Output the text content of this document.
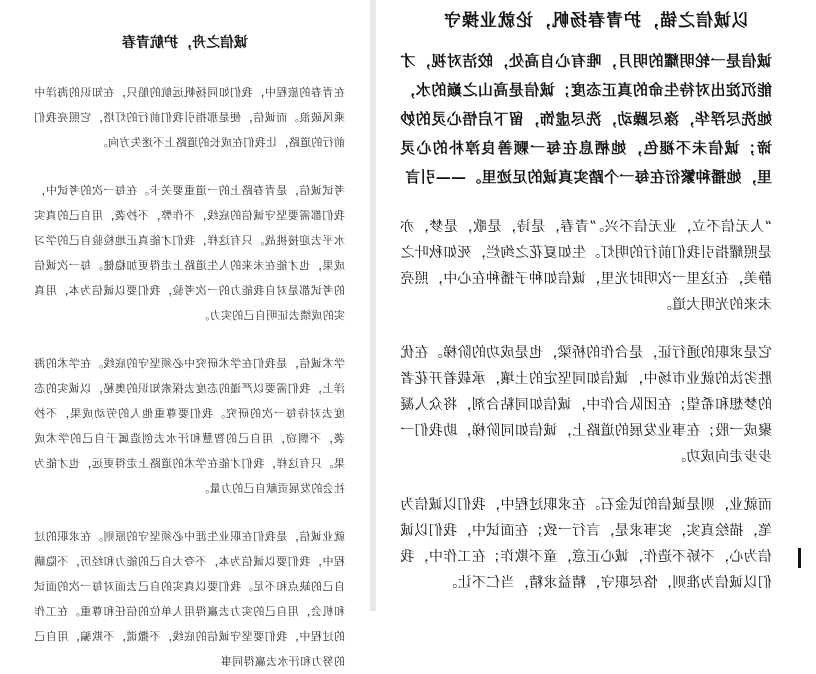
以诚信之锚，护青春扬帆，论就业操守

诚信是一轮明耀的明月，唯有心自高处，皎洁对视，才能沉淀出对待生命的真正态度；诚信是高山之巅的水，她洗尽浮华，涤尽躁动，洗尽虚饰，留下启悟心灵的妙谛；诚信未不褪色，她栖息在每一颗善良淳朴的心灵里，她播种繁衍在每一个踏实真诚的足迹里。——引言

“人无信不立，业无信不兴。”青春，是诗，是歌，是梦，亦是照耀指引我们前行的明灯。生如夏花之绚烂，死如秋叶之静美，在这里一次明时光里，诚信如种子播种在心中，照亮未来的光明大道。

它是求职的通行证，是合作的桥梁，也是成功的阶梯。在优胜劣汰的就业市场中，诚信如同坚定的土壤，承载着开花者的梦想和希望；在团队合作中，诚信如同粘合剂，将众人凝聚成一股；在事业发展的道路上，诚信如同阶梯，助我们一步步走向成功。

而就业，则是诚信的试金石。在求职过程中，我们以诚信为笔，描绘真实，实事求是，言行一致；在面试中，我们以诚信为心，不矫不造作，诚心正意，童不欺诈；在工作中，我们以诚信为准则，恪尽职守，精益求精，当仁不让。

诚信之舟，护航青春

在青春的旅程中，我们如同扬帆远航的船只，在知识的海洋中乘风破浪。而诚信，便是那指引我们前行的灯塔，它照亮我们前行的道路，让我们在成长的道路上不迷失方向。

考试诚信，是青春路上的一道重要关卡。在每一次的考试中，我们都需要坚守诚信的底线，不作弊，不抄袭，用自己的真实水平去迎接挑战。只有这样，我们才能真正地检验自己的学习成果，也才能在未来的人生道路上走得更加稳健。每一次诚信的考试都是对自我能力的一次考验，我们要以诚信为本，用真实的成绩去证明自己的实力。

学术诚信，是我们在学术研究中必须坚守的底线。在学术的海洋上，我们需要以严谨的态度去探索知识的奥秘，以诚实的态度去对待每一次的研究。我们要尊重他人的劳动成果，不抄袭，不剽窃，用自己的智慧和汗水去创造属于自己的学术成果。只有这样，我们才能在学术的道路上走得更远，也才能为社会的发展贡献自己的力量。

就业诚信，是我们在职业生涯中必须坚守的原则。在求职的过程中，我们要以诚信为本，不夸大自己的能力和经历，不隐瞒自己的缺点和不足。我们要以真实的自己去面对每一次的面试和机会，用自己的实力去赢得用人单位的信任和尊重。在工作的过程中，我们要坚守诚信的底线，不撒谎，不欺骗，用自己的努力和汗水去赢得同事
